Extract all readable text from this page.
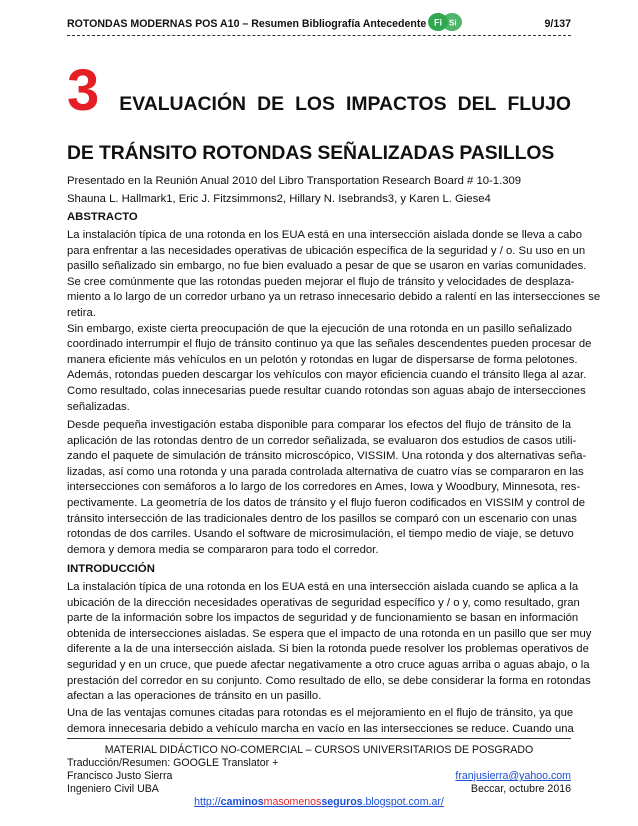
ROTONDAS MODERNAS POS A10 – Resumen Bibliografía Antecedente Fi Si	9/137
3 EVALUACIÓN DE LOS IMPACTOS DEL FLUJO
DE TRÁNSITO ROTONDAS SEÑALIZADAS PASILLOS
Presentado en la Reunión Anual 2010 del Libro Transportation Research Board # 10-1.309
Shauna L. Hallmark1, Eric J. Fitzsimmons2, Hillary N. Isebrands3, y Karen L. Giese4
ABSTRACTO
La instalación típica de una rotonda en los EUA está en una intersección aislada donde se lleva a cabo
para enfrentar a las necesidades operativas de ubicación específica de la seguridad y / o. Su uso en un
pasillo señalizado sin embargo, no fue bien evaluado a pesar de que se usaron en varias comunidades.
Se cree comúnmente que las rotondas pueden mejorar el flujo de tránsito y velocidades de desplaza-
miento a lo largo de un corredor urbano ya un retraso innecesario debido a ralentí en las intersecciones se
retira.
Sin embargo, existe cierta preocupación de que la ejecución de una rotonda en un pasillo señalizado
coordinado interrumpir el flujo de tránsito continuo ya que las señales descendentes pueden procesar de
manera eficiente más vehículos en un pelotón y rotondas en lugar de dispersarse de forma pelotones.
Además, rotondas pueden descargar los vehículos con mayor eficiencia cuando el tránsito llega al azar.
Como resultado, colas innecesarias puede resultar cuando rotondas son aguas abajo de intersecciones
señalizadas.
Desde pequeña investigación estaba disponible para comparar los efectos del flujo de tránsito de la
aplicación de las rotondas dentro de un corredor señalizada, se evaluaron dos estudios de casos utili-
zando el paquete de simulación de tránsito microscópico, VISSIM. Una rotonda y dos alternativas seña-
lizadas, así como una rotonda y una parada controlada alternativa de cuatro vías se compararon en las
intersecciones con semáforos a lo largo de los corredores en Ames, Iowa y Woodbury, Minnesota, res-
pectivamente. La geometría de los datos de tránsito y el flujo fueron codificados en VISSIM y control de
tránsito intersección de las tradicionales dentro de los pasillos se comparó con un escenario con unas
rotondas de dos carriles. Usando el software de microsimulación, el tiempo medio de viaje, se detuvo
demora y demora media se compararon para todo el corredor.
INTRODUCCIÓN
La instalación típica de una rotonda en los EUA está en una intersección aislada cuando se aplica a la
ubicación de la dirección necesidades operativas de seguridad específico y / o y, como resultado, gran
parte de la información sobre los impactos de seguridad y de funcionamiento se basan en información
obtenida de intersecciones aisladas. Se espera que el impacto de una rotonda en un pasillo que ser muy
diferente a la de una intersección aislada. Si bien la rotonda puede resolver los problemas operativos de
seguridad y en un cruce, que puede afectar negativamente a otro cruce aguas arriba o aguas abajo, o la
prestación del corredor en su conjunto. Como resultado de ello, se debe considerar la forma en rotondas
afectan a las operaciones de tránsito en un pasillo.
Una de las ventajas comunes citadas para rotondas es el mejoramiento en el flujo de tránsito, ya que
demora innecesaria debido a vehículo marcha en vacío en las intersecciones se reduce. Cuando una
MATERIAL DIDÁCTICO NO-COMERCIAL – CURSOS UNIVERSITARIOS DE POSGRADO
Traducción/Resumen: GOOGLE Translator +
Francisco Justo Sierra	franjusierra@yahoo.com
Ingeniero Civil UBA	Beccar, octubre 2016
http://caminosmasomenosseguros.blogspot.com.ar/
